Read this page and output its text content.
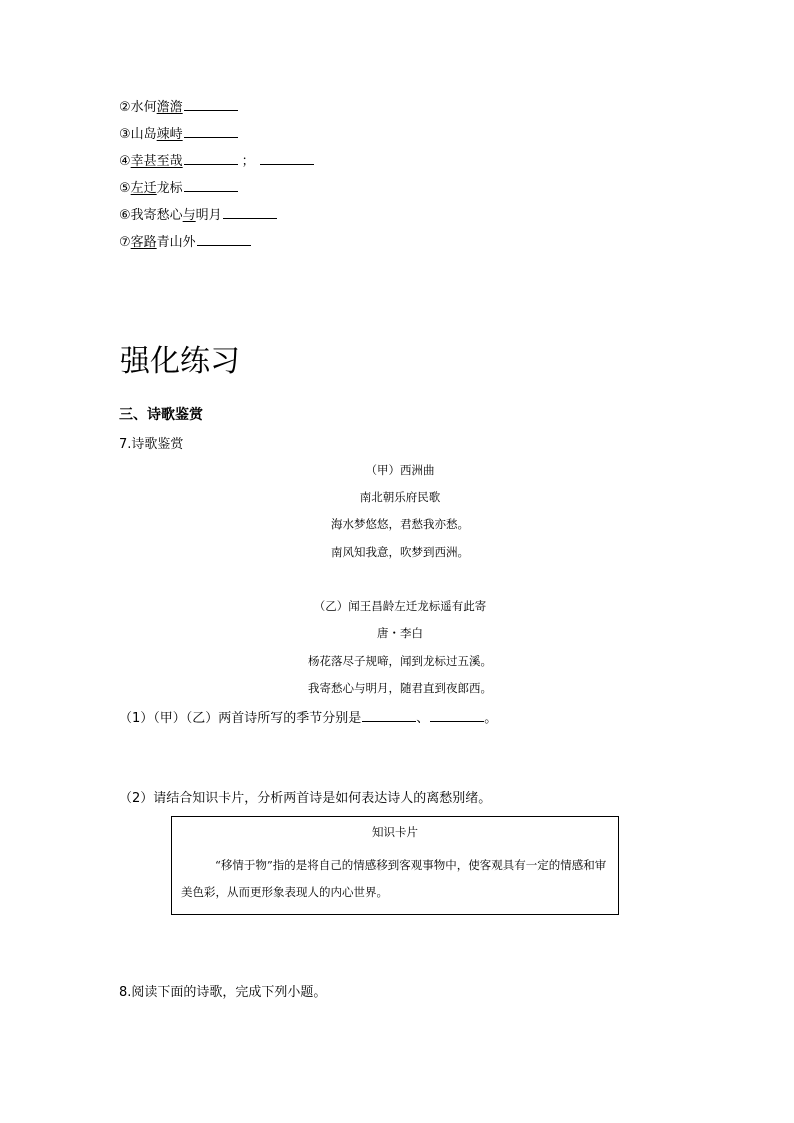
②水何澹澹
③山岛竦峙
④幸甚至哉	；
⑤左迁龙标
⑥我寄愁心与明月
⑦客路青山外
强化练习
三、诗歌鉴赏
7.诗歌鉴赏
（甲）西洲曲
南北朝乐府民歌
海水梦悠悠，君愁我亦愁。
南风知我意，吹梦到西洲。
（乙）闻王昌龄左迁龙标遥有此寄
唐・李白
杨花落尽子规啼，闻到龙标过五溪。
我寄愁心与明月，随君直到夜郎西。
（1）（甲）（乙）两首诗所写的季节分别是	、	。
（2）请结合知识卡片，分析两首诗是如何表达诗人的离愁别绪。
知识卡片
“移情于物”指的是将自己的情感移到客观事物中，使客观具有一定的情感和审美色彩，从而更形象表现人的内心世界。
8.阅读下面的诗歌，完成下列小题。
